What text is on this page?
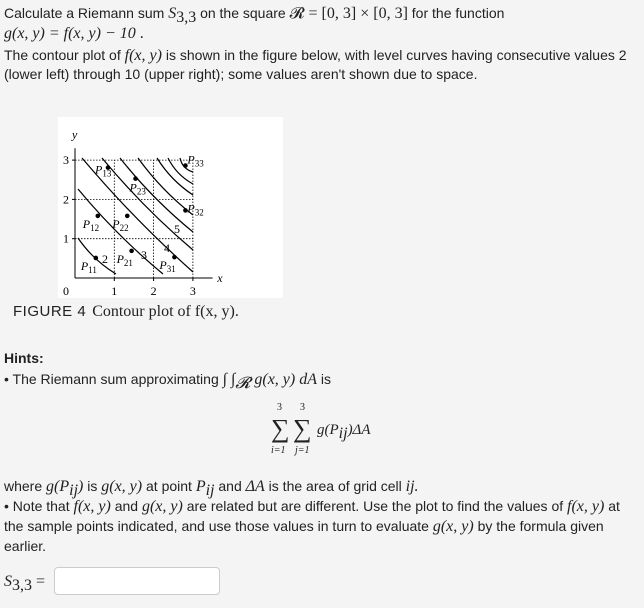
Calculate a Riemann sum $S_{3,3}$ on the square 𝓡 = [0, 3] × [0, 3] for the function
g(x, y) = f(x, y) − 10 .
The contour plot of f(x, y) is shown in the figure below, with level curves having consecutive values 2
(lower left) through 10 (upper right); some values aren't shown due to space.
x
y
0	1	2	3
1
2
3
2	3 4
5
$P_{11}$
$P_{21}$ $P_{31}$
$P_{12}$ $P_{22}$
$P_{32}$
$P_{13}$
$P_{23}$
$P_{33}$
FIGURE 4 Contour plot of f(x, y).
Hints:
• The Riemann sum approximating ∫ $\int_𝓡$ g(x, y) dA is
3 3
∑ ∑
i=1 j=1
$g(P_{ij})\Delta A$
where $g(P_{ij})$ is g(x, y) at point $P_{ij}$ and ΔA is the area of grid cell ij.
• Note that f(x, y) and g(x, y) are related but are different. Use the plot to find the values of f(x, y) at
the sample points indicated, and use those values in turn to evaluate g(x, y) by the formula given
earlier.
$S_{3,3}$ =
